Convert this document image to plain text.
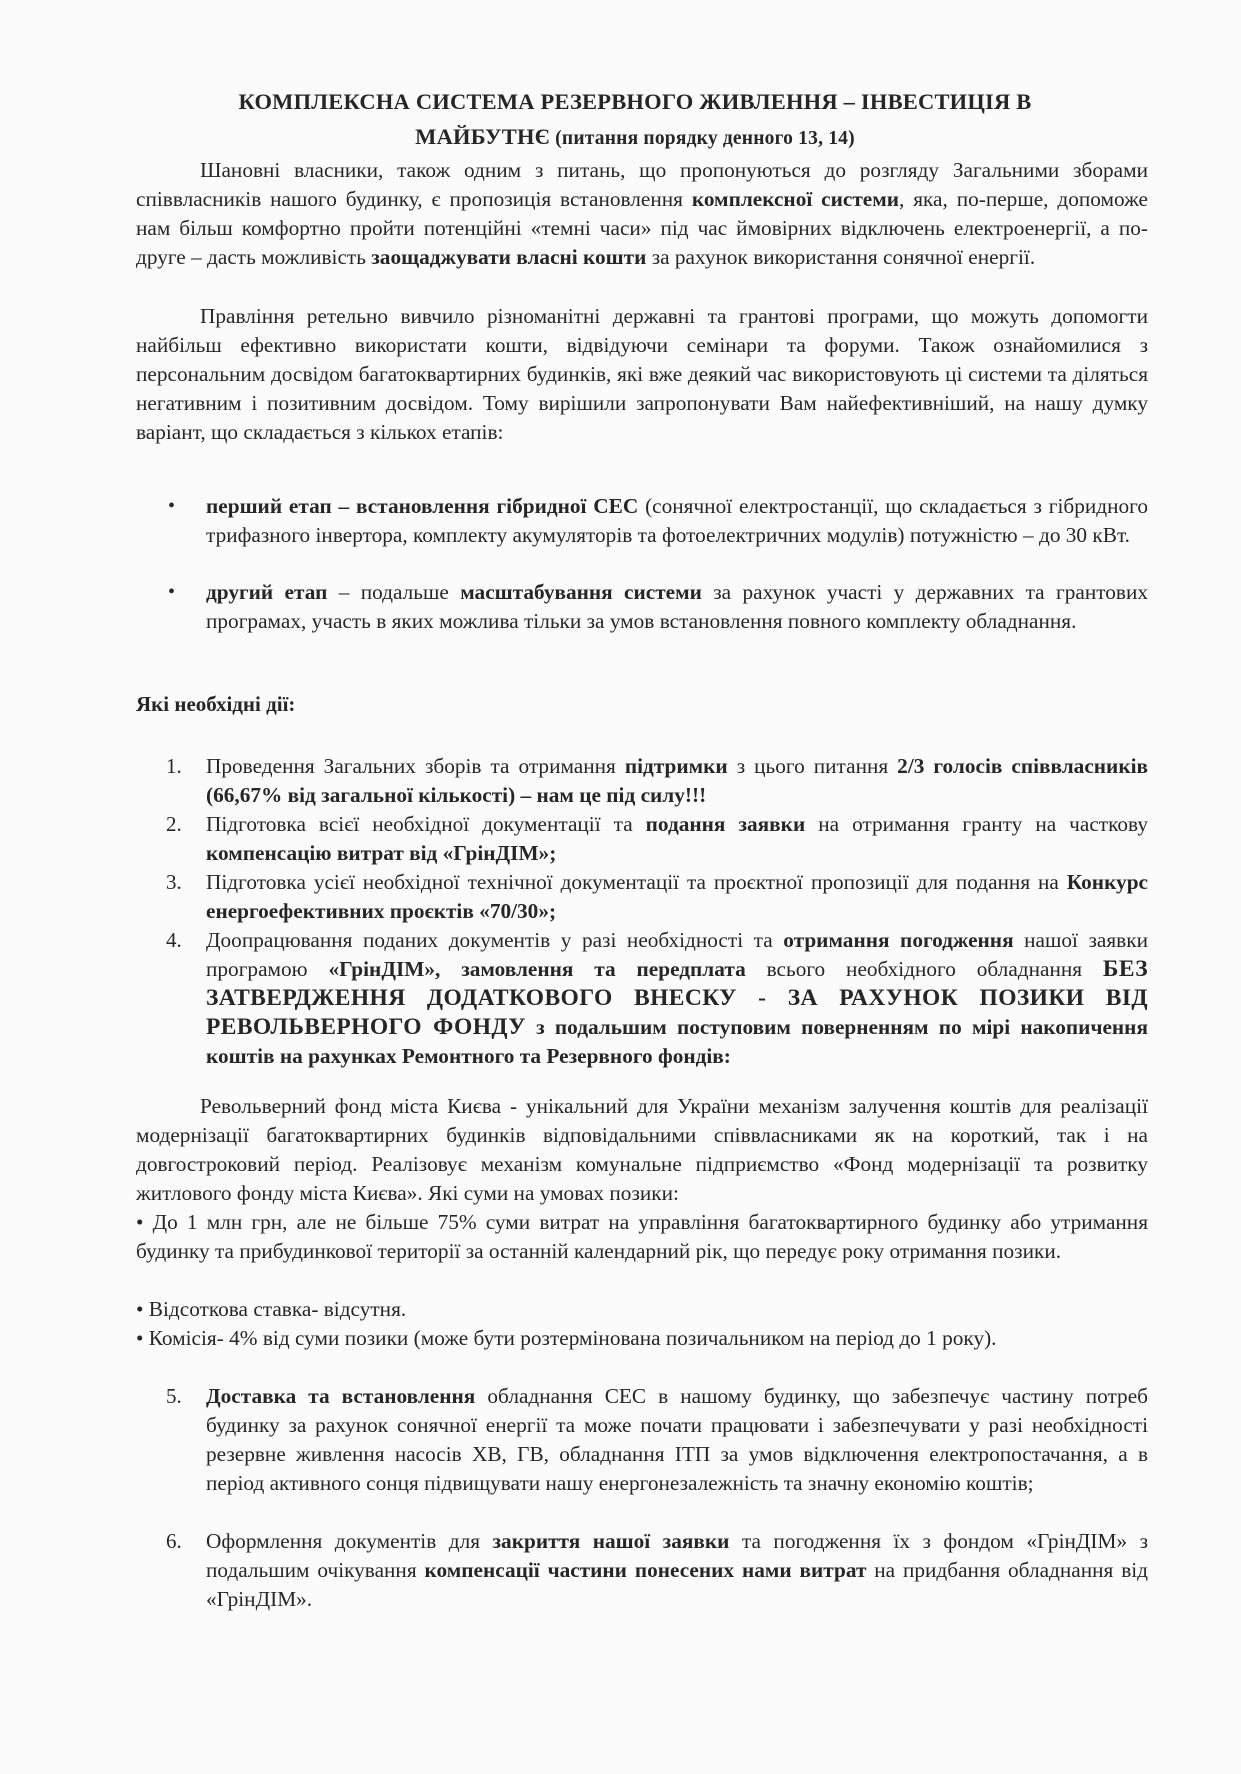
КОМПЛЕКСНА СИСТЕМА РЕЗЕРВНОГО ЖИВЛЕННЯ – ІНВЕСТИЦІЯ В
МАЙБУТНЄ (питання порядку денного 13, 14)
Шановні власники, також одним з питань, що пропонуються до розгляду Загальними зборами співвласників нашого будинку, є пропозиція встановлення комплексної системи, яка, по-перше, допоможе нам більш комфортно пройти потенційні «темні часи» під час ймовірних відключень електроенергії, а по-друге – дасть можливість заощаджувати власні кошти за рахунок використання сонячної енергії.
Правління ретельно вивчило різноманітні державні та грантові програми, що можуть допомогти найбільш ефективно використати кошти, відвідуючи семінари та форуми. Також ознайомилися з персональним досвідом багатоквартирних будинків, які вже деякий час використовують ці системи та діляться негативним і позитивним досвідом. Тому вирішили запропонувати Вам найефективніший, на нашу думку варіант, що складається з кількох етапів:
• перший етап – встановлення гібридної СЕС (сонячної електростанції, що складається з гібридного трифазного інвертора, комплекту акумуляторів та фотоелектричних модулів) потужністю – до 30 кВт.
• другий етап – подальше масштабування системи за рахунок участі у державних та грантових програмах, участь в яких можлива тільки за умов встановлення повного комплекту обладнання.
Які необхідні дії:
1. Проведення Загальних зборів та отримання підтримки з цього питання 2/3 голосів співвласників (66,67% від загальної кількості) – нам це під силу!!!
2. Підготовка всієї необхідної документації та подання заявки на отримання гранту на часткову компенсацію витрат від «ГрінДІМ»;
3. Підготовка усієї необхідної технічної документації та проєктної пропозиції для подання на Конкурс енергоефективних проєктів «70/30»;
4. Доопрацювання поданих документів у разі необхідності та отримання погодження нашої заявки програмою «ГрінДІМ», замовлення та передплата всього необхідного обладнання БЕЗ ЗАТВЕРДЖЕННЯ ДОДАТКОВОГО ВНЕСКУ - ЗА РАХУНОК ПОЗИКИ ВІД РЕВОЛЬВЕРНОГО ФОНДУ з подальшим поступовим поверненням по мірі накопичення коштів на рахунках Ремонтного та Резервного фондів:
Револьверний фонд міста Києва - унікальний для України механізм залучення коштів для реалізації модернізації багатоквартирних будинків відповідальними співвласниками як на короткий, так і на довгостроковий період. Реалізовує механізм комунальне підприємство «Фонд модернізації та розвитку житлового фонду міста Києва». Які суми на умовах позики:
• До 1 млн грн, але не більше 75% суми витрат на управління багатоквартирного будинку або утримання будинку та прибудинкової території за останній календарний рік, що передує року отримання позики.
• Відсоткова ставка- відсутня.
• Комісія- 4% від суми позики (може бути розтермінована позичальником на період до 1 року).
5. Доставка та встановлення обладнання СЕС в нашому будинку, що забезпечує частину потреб будинку за рахунок сонячної енергії та може почати працювати і забезпечувати у разі необхідності резервне живлення насосів ХВ, ГВ, обладнання ІТП за умов відключення електропостачання, а в період активного сонця підвищувати нашу енергонезалежність та значну економію коштів;
6. Оформлення документів для закриття нашої заявки та погодження їх з фондом «ГрінДІМ» з подальшим очікування компенсації частини понесених нами витрат на придбання обладнання від «ГрінДІМ».
